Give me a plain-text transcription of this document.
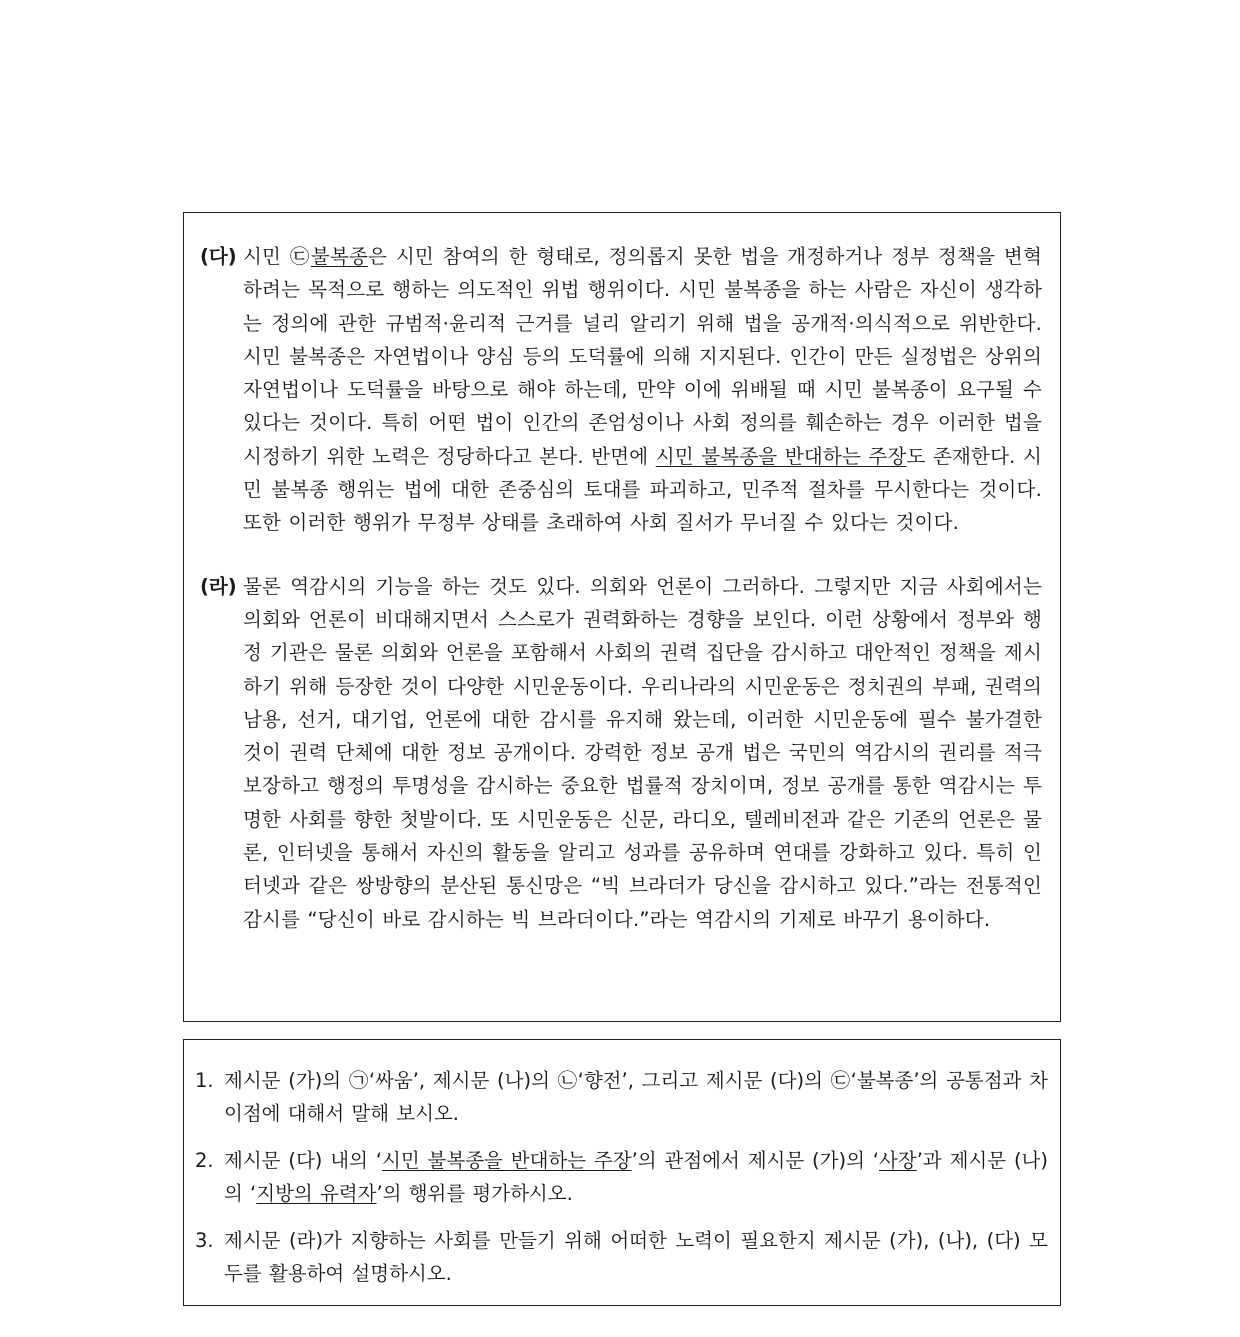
(다) 시민 ㉢불복종은 시민 참여의 한 형태로, 정의롭지 못한 법을 개정하거나 정부 정책을 변혁하려는 목적으로 행하는 의도적인 위법 행위이다. 시민 불복종을 하는 사람은 자신이 생각하는 정의에 관한 규범적·윤리적 근거를 널리 알리기 위해 법을 공개적·의식적으로 위반한다. 시민 불복종은 자연법이나 양심 등의 도덕률에 의해 지지된다. 인간이 만든 실정법은 상위의 자연법이나 도덕률을 바탕으로 해야 하는데, 만약 이에 위배될 때 시민 불복종이 요구될 수 있다는 것이다. 특히 어떤 법이 인간의 존엄성이나 사회 정의를 훼손하는 경우 이러한 법을 시정하기 위한 노력은 정당하다고 본다. 반면에 시민 불복종을 반대하는 주장도 존재한다. 시민 불복종 행위는 법에 대한 존중심의 토대를 파괴하고, 민주적 절차를 무시한다는 것이다. 또한 이러한 행위가 무정부 상태를 초래하여 사회 질서가 무너질 수 있다는 것이다.
(라) 물론 역감시의 기능을 하는 것도 있다. 의회와 언론이 그러하다. 그렇지만 지금 사회에서는 의회와 언론이 비대해지면서 스스로가 권력화하는 경향을 보인다. 이런 상황에서 정부와 행정 기관은 물론 의회와 언론을 포함해서 사회의 권력 집단을 감시하고 대안적인 정책을 제시하기 위해 등장한 것이 다양한 시민운동이다. 우리나라의 시민운동은 정치권의 부패, 권력의 남용, 선거, 대기업, 언론에 대한 감시를 유지해 왔는데, 이러한 시민운동에 필수 불가결한 것이 권력 단체에 대한 정보 공개이다. 강력한 정보 공개 법은 국민의 역감시의 권리를 적극 보장하고 행정의 투명성을 감시하는 중요한 법률적 장치이며, 정보 공개를 통한 역감시는 투명한 사회를 향한 첫발이다. 또 시민운동은 신문, 라디오, 텔레비전과 같은 기존의 언론은 물론, 인터넷을 통해서 자신의 활동을 알리고 성과를 공유하며 연대를 강화하고 있다. 특히 인터넷과 같은 쌍방향의 분산된 통신망은 “빅 브라더가 당신을 감시하고 있다.”라는 전통적인 감시를 “당신이 바로 감시하는 빅 브라더이다.”라는 역감시의 기제로 바꾸기 용이하다.
1. 제시문 (가)의 ㉠‘싸움’, 제시문 (나)의 ㉡‘향전’, 그리고 제시문 (다)의 ㉢‘불복종’의 공통점과 차이점에 대해서 말해 보시오.
2. 제시문 (다) 내의 ‘시민 불복종을 반대하는 주장’의 관점에서 제시문 (가)의 ‘사장’과 제시문 (나)의 ‘지방의 유력자’의 행위를 평가하시오.
3. 제시문 (라)가 지향하는 사회를 만들기 위해 어떠한 노력이 필요한지 제시문 (가), (나), (다) 모두를 활용하여 설명하시오.
